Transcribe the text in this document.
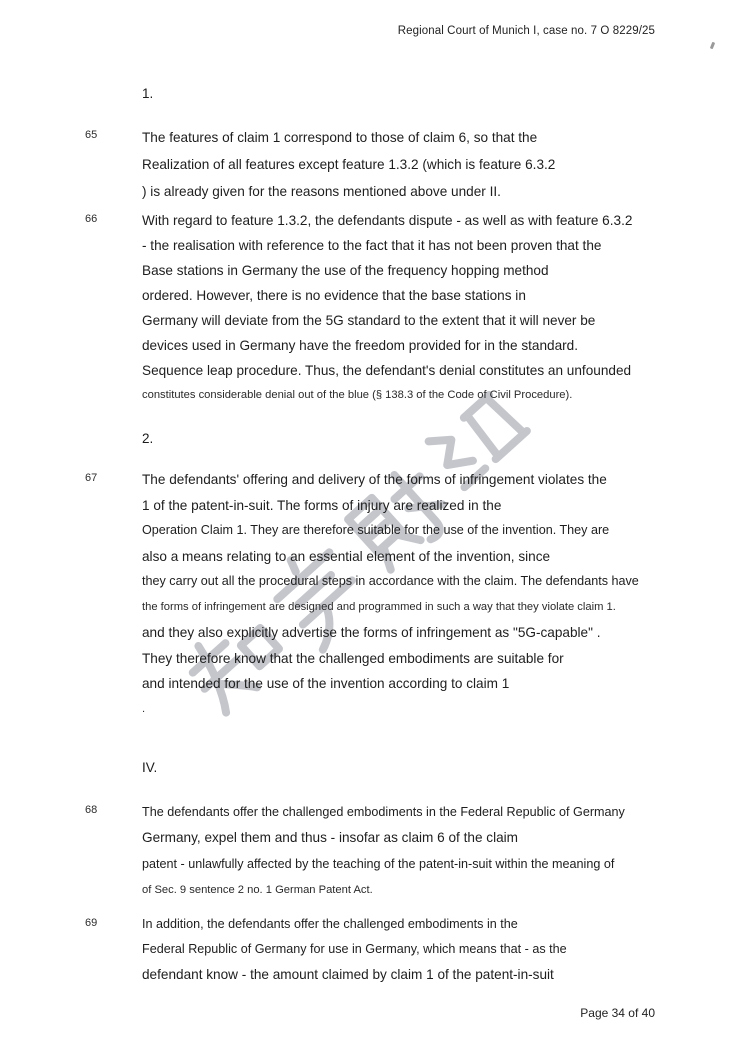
Regional Court of Munich I, case no. 7 O 8229/25
1.
65	The features of claim 1 correspond to those of claim 6, so that the
Realization of all features except feature 1.3.2 (which is feature 6.3.2
) is already given for the reasons mentioned above under II.
66	With regard to feature 1.3.2, the defendants dispute - as well as with feature 6.3.2
- the realisation with reference to the fact that it has not been proven that the
Base stations in Germany the use of the frequency hopping method
ordered. However, there is no evidence that the base stations in
Germany will deviate from the 5G standard to the extent that it will never be
devices used in Germany have the freedom provided for in the standard.
Sequence leap procedure. Thus, the defendant's denial constitutes an unfounded
constitutes considerable denial out of the blue (§ 138.3 of the Code of Civil Procedure).
2.
67	The defendants' offering and delivery of the forms of infringement violates the
1 of the patent-in-suit. The forms of injury are realized in the
Operation Claim 1. They are therefore suitable for the use of the invention. They are
also a means relating to an essential element of the invention, since
they carry out all the procedural steps in accordance with the claim. The defendants have
the forms of infringement are designed and programmed in such a way that they violate claim 1.
and they also explicitly advertise the forms of infringement as "5G-capable" .
They therefore know that the challenged embodiments are suitable for
and intended for the use of the invention according to claim 1
.
IV.
68	The defendants offer the challenged embodiments in the Federal Republic of Germany
Germany, expel them and thus - insofar as claim 6 of the claim
patent - unlawfully affected by the teaching of the patent-in-suit within the meaning of
of Sec. 9 sentence 2 no. 1 German Patent Act.
69	In addition, the defendants offer the challenged embodiments in the
Federal Republic of Germany for use in Germany, which means that - as the
defendant know - the amount claimed by claim 1 of the patent-in-suit
Page 34 of 40
